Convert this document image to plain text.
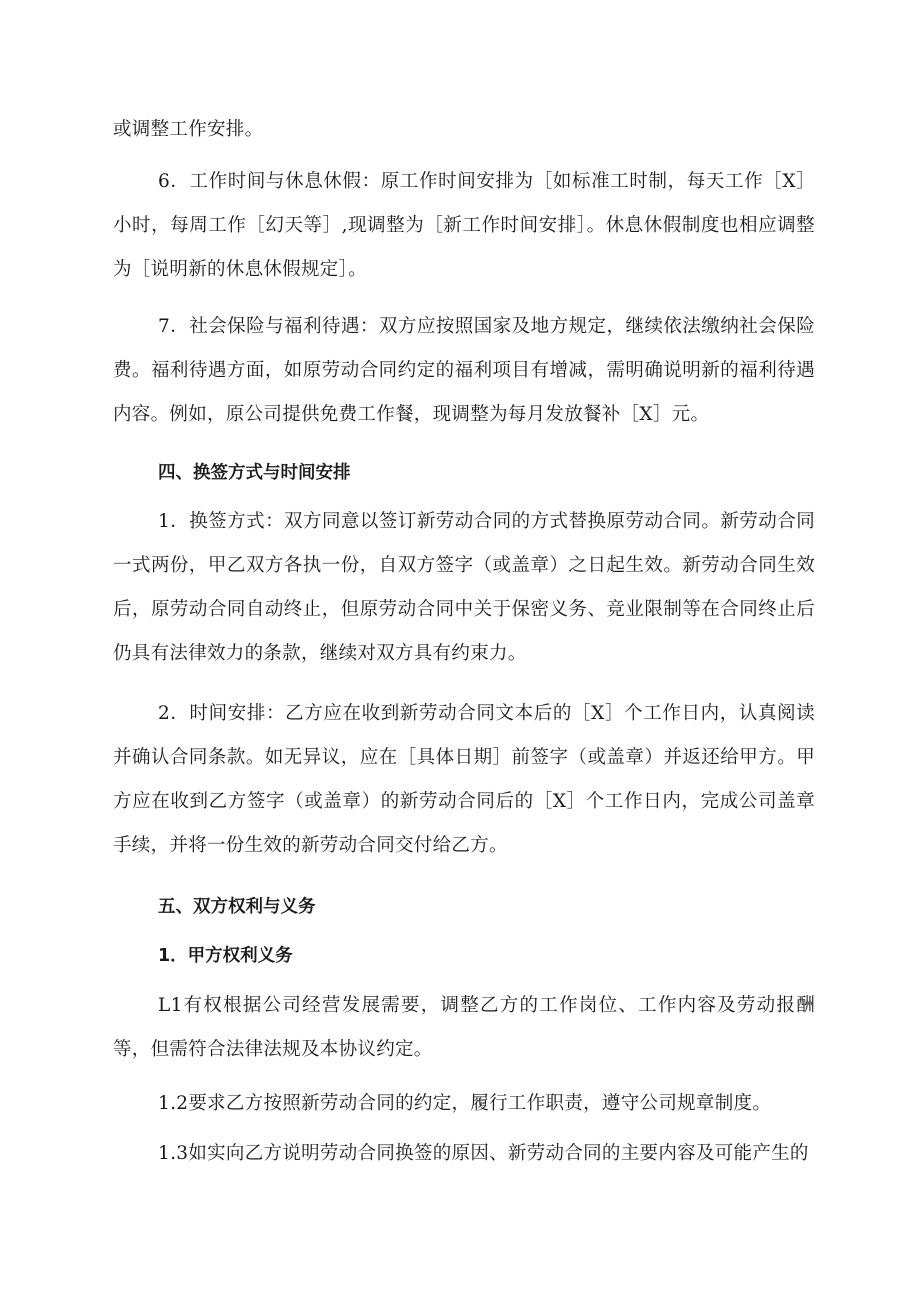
或调整工作安排。

6．工作时间与休息休假：原工作时间安排为［如标准工时制，每天工作［X］小时，每周工作［幻天等］,现调整为［新工作时间安排］。休息休假制度也相应调整为［说明新的休息休假规定］。

7．社会保险与福利待遇：双方应按照国家及地方规定，继续依法缴纳社会保险费。福利待遇方面，如原劳动合同约定的福利项目有增减，需明确说明新的福利待遇内容。例如，原公司提供免费工作餐，现调整为每月发放餐补［X］元。

四、换签方式与时间安排

1．换签方式：双方同意以签订新劳动合同的方式替换原劳动合同。新劳动合同一式两份，甲乙双方各执一份，自双方签字（或盖章）之日起生效。新劳动合同生效后，原劳动合同自动终止，但原劳动合同中关于保密义务、竞业限制等在合同终止后仍具有法律效力的条款，继续对双方具有约束力。

2．时间安排：乙方应在收到新劳动合同文本后的［X］个工作日内，认真阅读并确认合同条款。如无异议，应在［具体日期］前签字（或盖章）并返还给甲方。甲方应在收到乙方签字（或盖章）的新劳动合同后的［X］个工作日内，完成公司盖章手续，并将一份生效的新劳动合同交付给乙方。

五、双方权利与义务
1．甲方权利义务

L1有权根据公司经营发展需要，调整乙方的工作岗位、工作内容及劳动报酬等，但需符合法律法规及本协议约定。

1.2要求乙方按照新劳动合同的约定，履行工作职责，遵守公司规章制度。

1.3如实向乙方说明劳动合同换签的原因、新劳动合同的主要内容及可能产生的
